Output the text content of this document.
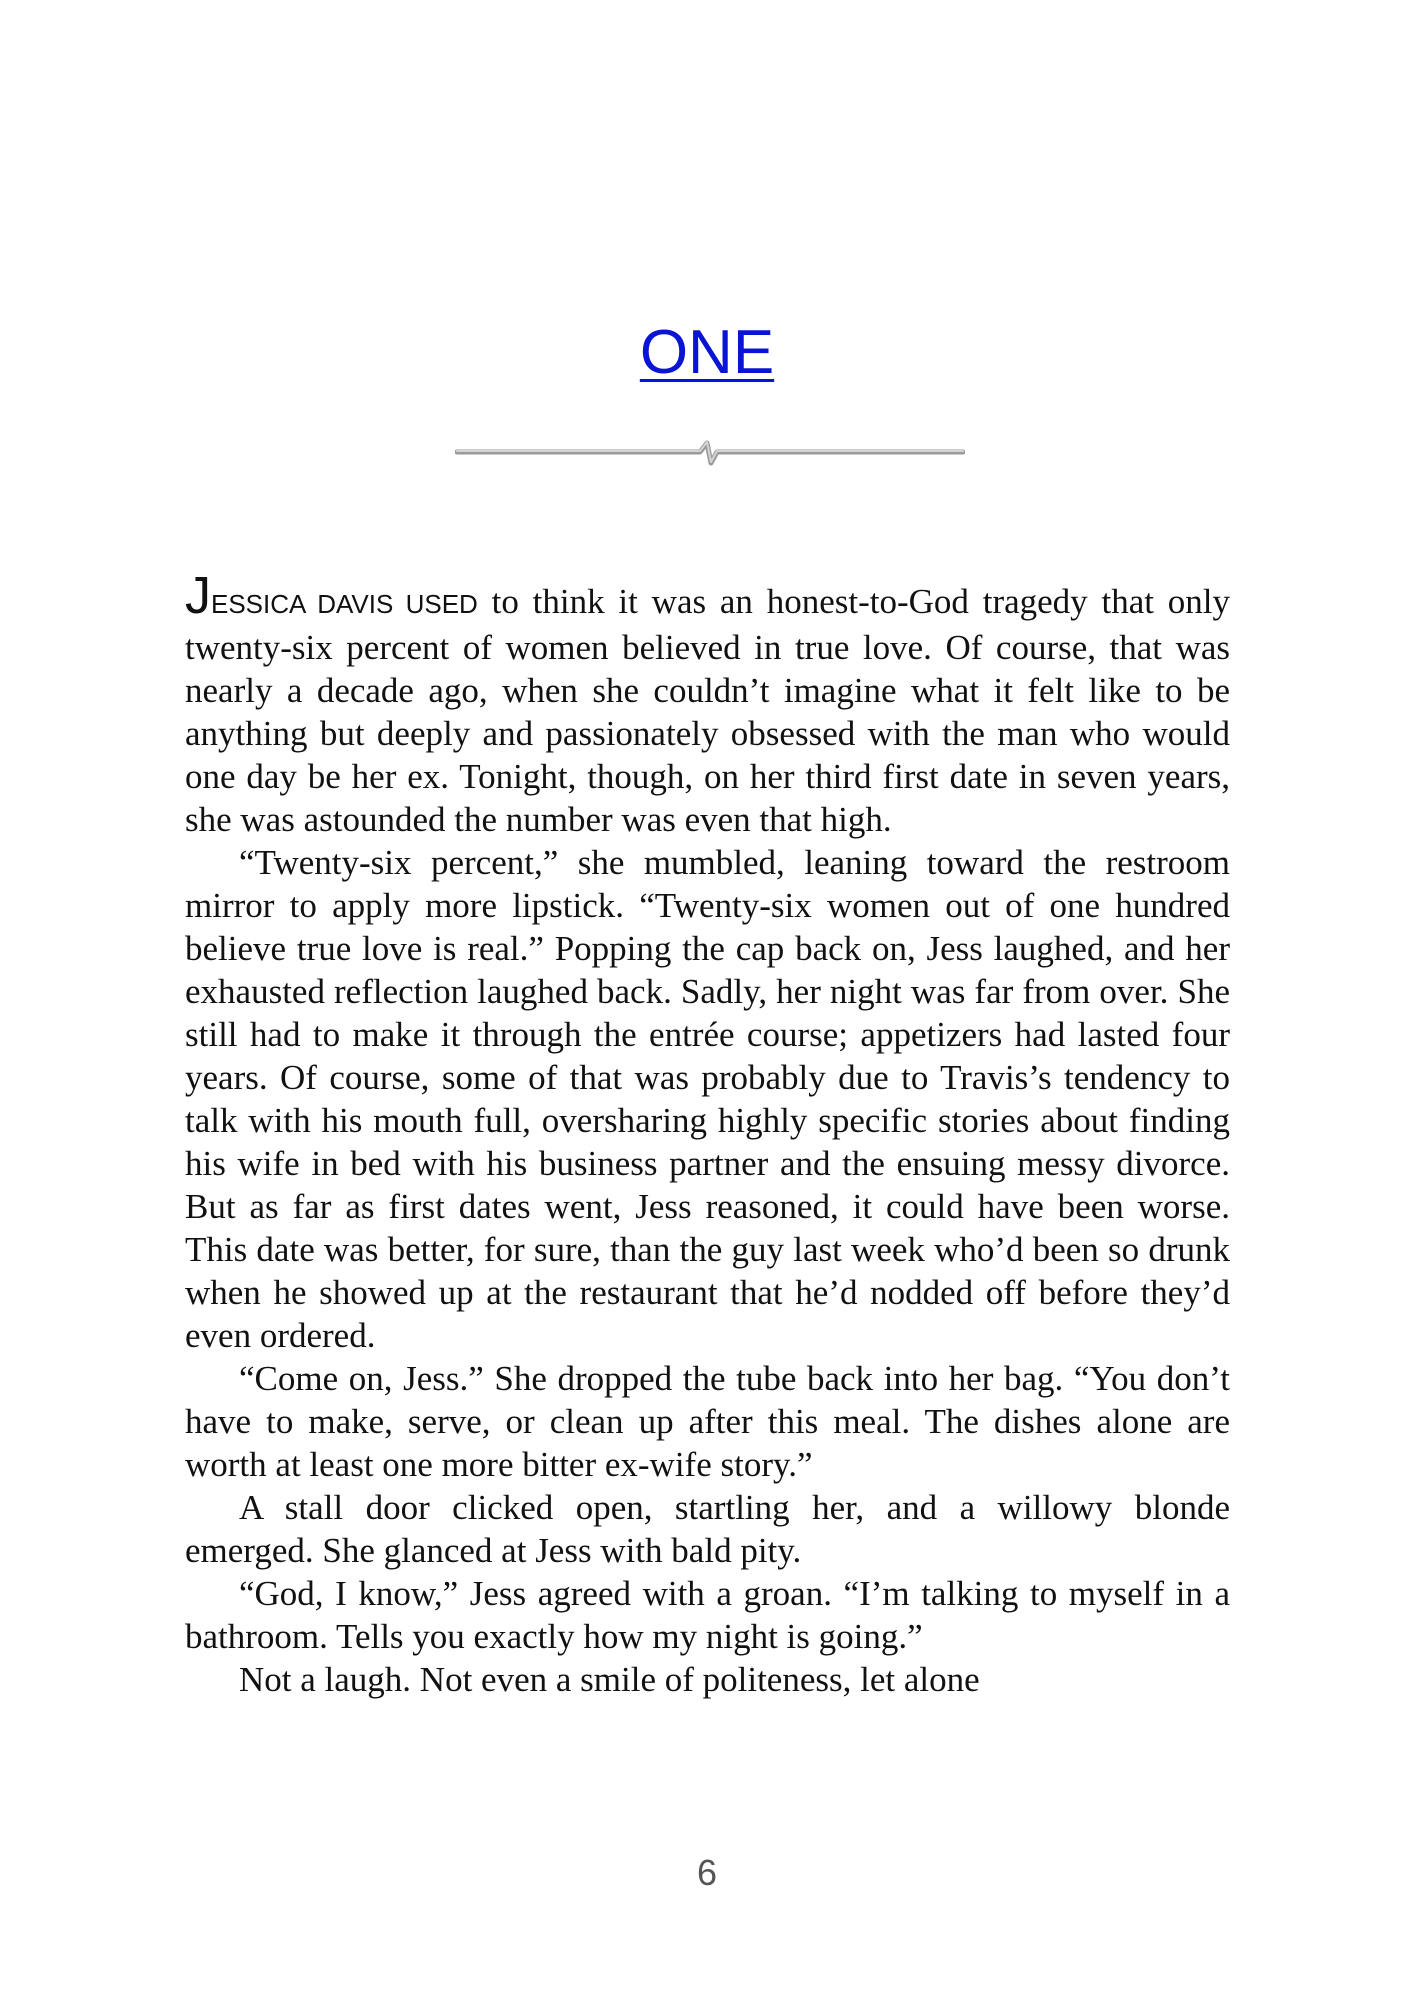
ONE

JESSICA DAVIS USED to think it was an honest-to-God tragedy that only twenty-six percent of women believed in true love. Of course, that was nearly a decade ago, when she couldn’t imagine what it felt like to be anything but deeply and passionately obsessed with the man who would one day be her ex. Tonight, though, on her third first date in seven years, she was astounded the number was even that high.

“Twenty-six percent,” she mumbled, leaning toward the restroom mirror to apply more lipstick. “Twenty-six women out of one hundred believe true love is real.” Popping the cap back on, Jess laughed, and her exhausted reflection laughed back. Sadly, her night was far from over. She still had to make it through the entrée course; appetizers had lasted four years. Of course, some of that was probably due to Travis’s tendency to talk with his mouth full, oversharing highly specific stories about finding his wife in bed with his business partner and the ensuing messy divorce. But as far as first dates went, Jess reasoned, it could have been worse. This date was better, for sure, than the guy last week who’d been so drunk when he showed up at the restaurant that he’d nodded off before they’d even ordered.

“Come on, Jess.” She dropped the tube back into her bag. “You don’t have to make, serve, or clean up after this meal. The dishes alone are worth at least one more bitter ex-wife story.”

A stall door clicked open, startling her, and a willowy blonde emerged. She glanced at Jess with bald pity.

“God, I know,” Jess agreed with a groan. “I’m talking to myself in a bathroom. Tells you exactly how my night is going.”

Not a laugh. Not even a smile of politeness, let alone

6
